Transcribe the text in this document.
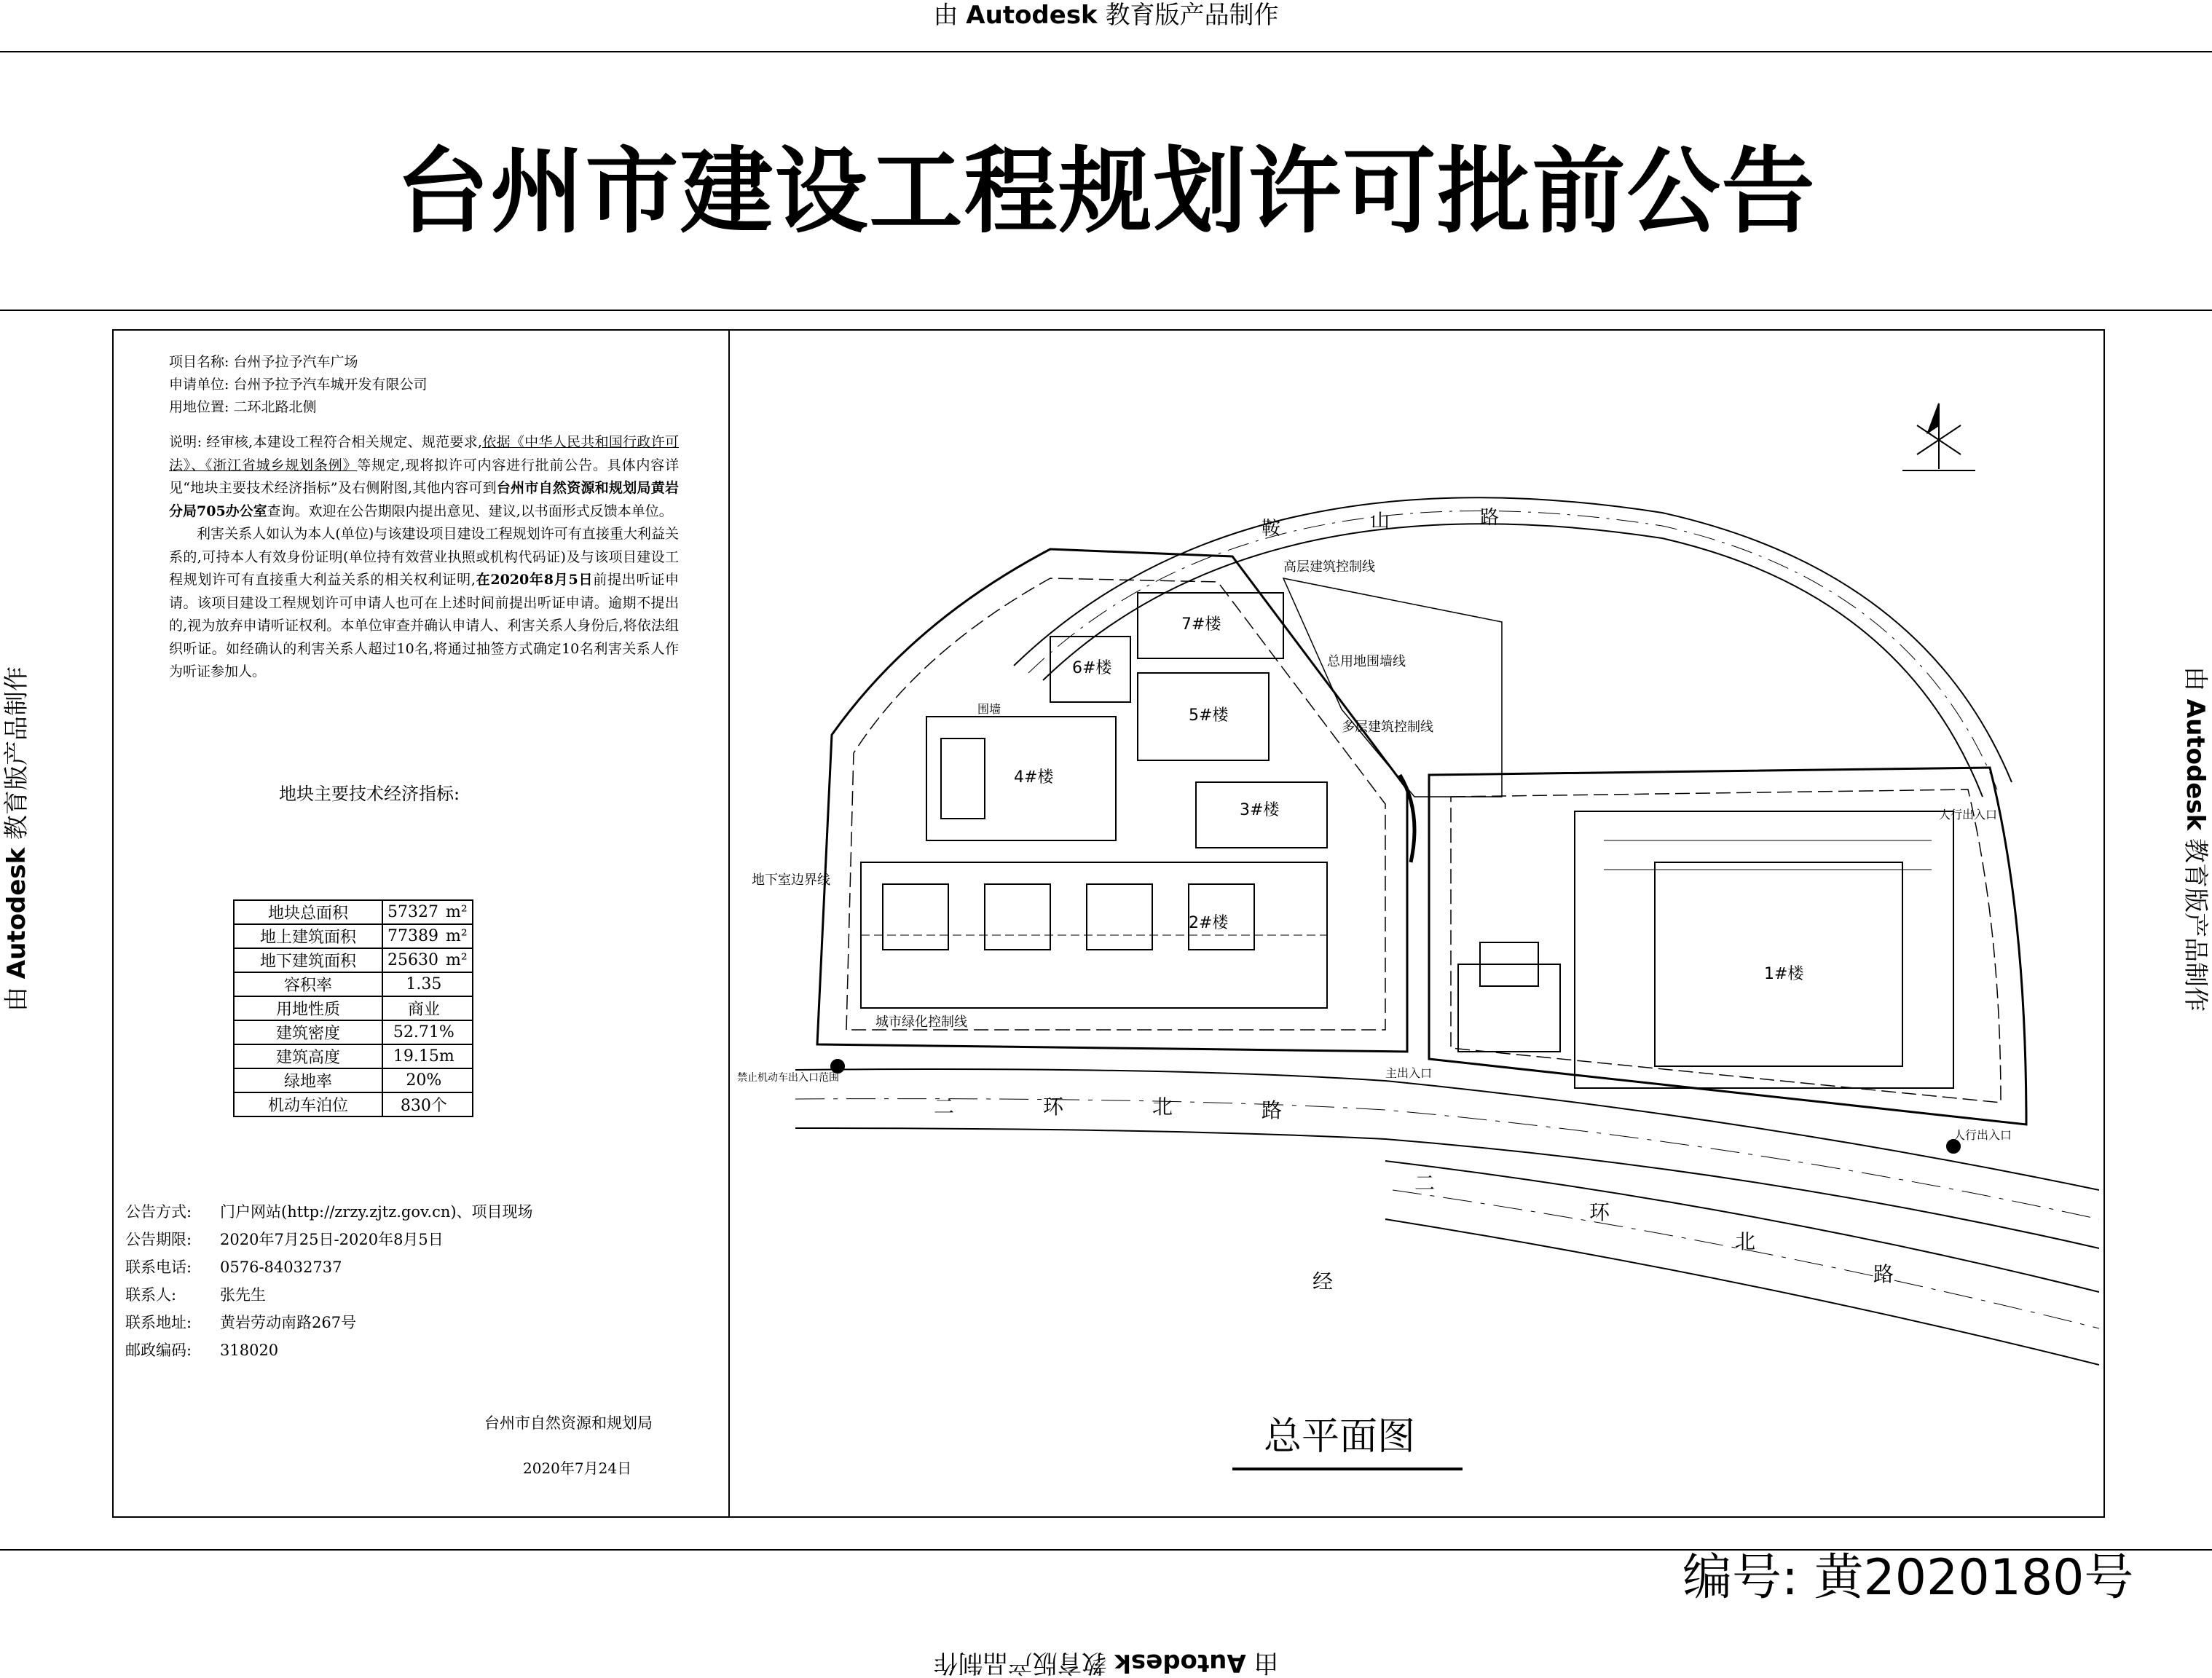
由 Autodesk 教育版产品制作
由 Autodesk 教育版产品制作
由 Autodesk 教育版产品制作	由 Autodesk 教育版产品制作
台州市建设工程规划许可批前公告
项目名称: 台州予拉予汽车广场
申请单位: 台州予拉予汽车城开发有限公司
用地位置: 二环北路北侧

说明: 经审核,本建设工程符合相关规定、规范要求,依据《中华人民共和国行政许可法》、《浙江省城乡规划条例》等规定,现将拟许可内容进行批前公告。具体内容详见“地块主要技术经济指标”及右侧附图,其他内容可到台州市自然资源和规划局黄岩分局705办公室查询。欢迎在公告期限内提出意见、建议,以书面形式反馈本单位。

利害关系人如认为本人(单位)与该建设项目建设工程规划许可有直接重大利益关系的,可持本人有效身份证明(单位持有效营业执照或机构代码证)及与该项目建设工程规划许可有直接重大利益关系的相关权利证明,在2020年8月5日前提出听证申请。该项目建设工程规划许可申请人也可在上述时间前提出听证申请。逾期不提出的,视为放弃申请听证权利。本单位审查并确认申请人、利害关系人身份后,将依法组织听证。如经确认的利害关系人超过10名,将通过抽签方式确定10名利害关系人作为听证参加人。

地块主要技术经济指标:
地块总面积	57327 m²
地上建筑面积	77389 m²
地下建筑面积	25630 m²
容积率	1.35
用地性质	商业
建筑密度	52.71%
建筑高度	19.15m
绿地率	20%
机动车泊位	830个
公告方式: 门户网站(http://zrzy.zjtz.gov.cn)、项目现场
公告期限: 2020年7月25日-2020年8月5日
联系电话: 0576-84032737
联系人:	张先生
联系地址: 黄岩劳动南路267号
邮政编码: 318020
台州市自然资源和规划局
2020年7月24日
鞍	山	路
二	环	北	路
二
环
北
路
经
高层建筑控制线
总用地围墙线
多层建筑控制线
地下室边界线
城市绿化控制线
1#楼
2#楼
3#楼
4#楼
5#楼
6#楼
7#楼
人行出入口
人行出入口
主出入口
禁止机动车出入口范围
围墙
总平面图
编号: 黄2020180号
